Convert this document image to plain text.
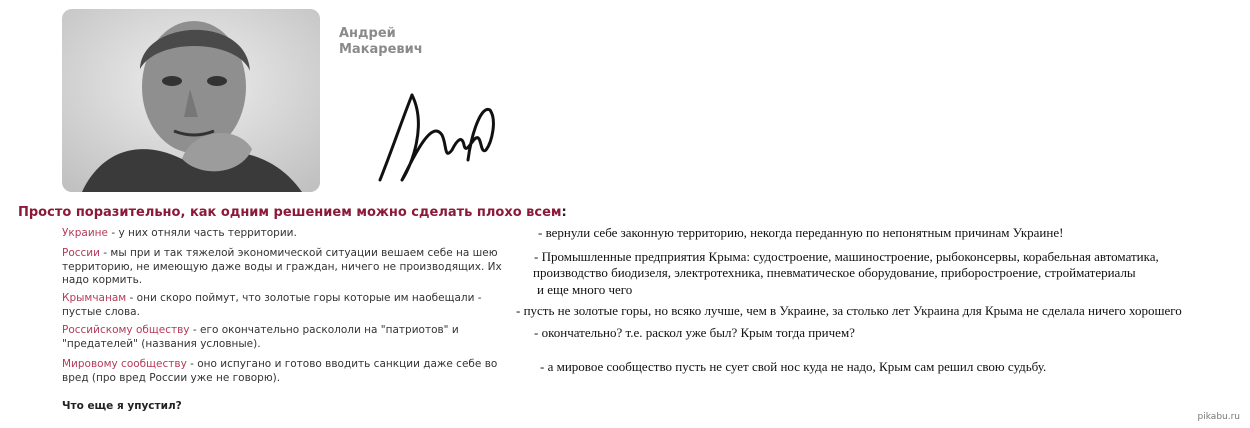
Андрей
Макаревич
Просто поразительно, как одним решением можно сделать плохо всем:
Украине - у них отняли часть территории.	- вернули себе законную территорию, некогда переданную по непонятным причинам Украине!
России - мы при и так тяжелой экономической ситуации вешаем себе на шею территорию, не имеющую даже воды и граждан, ничего не производящих. Их надо кормить.
- Промышленные предприятия Крыма: судостроение, машиностроение, рыбоконсервы, корабельная автоматика,
производство биодизеля, электротехника, пневматическое оборудование, приборостроение, стройматериалы
и еще много чего
Крымчанам - они скоро поймут, что золотые горы которые им наобещали - пустые слова.	- пусть не золотые горы, но всяко лучше, чем в Украине, за столько лет Украина для Крыма не сделала ничего хорошего
Российскому обществу - его окончательно раскололи на "патриотов" и "предателей" (названия условные).
- окончательно? т.е. раскол уже был? Крым тогда причем?
Мировому сообществу - оно испугано и готово вводить санкции даже себе во вред (про вред России уже не говорю).
- а мировое сообщество пусть не сует свой нос куда не надо, Крым сам решил свою судьбу.
Что еще я упустил?
pikabu.ru
